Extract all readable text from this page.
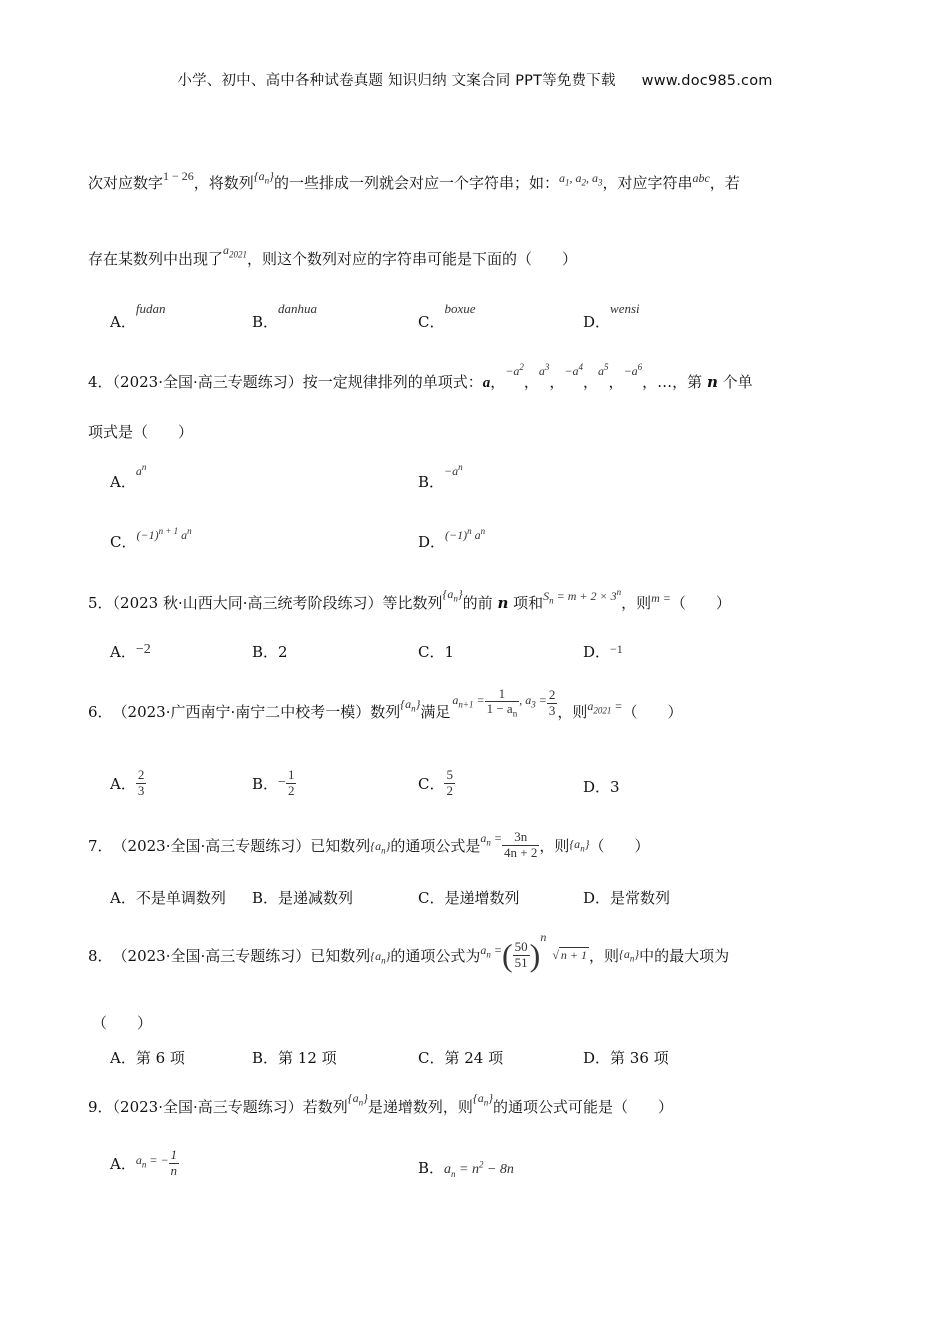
小学、初中、高中各种试卷真题 知识归纳 文案合同 PPT等免费下载 www.doc985.com
次对应数字$^{1 - 26}$，将数列$^{\{a_n\}}$的一些排成一列就会对应一个字符串；如：$^{a_1, a_2, a_3}$，对应字符串$^{abc}$，若
存在某数列中出现了$^{a_{2021}}$，则这个数列对应的字符串可能是下面的（　　）
A．fudan
B．danhua
C．boxue
D．wensi
4．（2023·全国·高三专题练习）按一定规律排列的单项式：a，$^{-a^2}$，$^{a^3}$，$^{-a^4}$，$^{a^5}$，$^{-a^6}$，…，第 n 个单
项式是（　　）
A．$^{a^n}$
B．$^{-a^n}$
C．$^{(-1)^{n + 1} a^n}$
D．$^{(-1)^n a^n}$
5．（2023 秋·山西大同·高三统考阶段练习）等比数列$^{\{a_n\}}$的前 n 项和$^{S_n = m + 2 \times 3^n}$，则$^{m =}$（　　）
A．−2	B．2	C．1	D．$^{-1}$
6． （2023·广西南宁·南宁二中校考一模）数列 $\{a_n\}$ 满足
$a_{n+1} = \frac{1}{1 - a_n}$ , $a_3 = \frac{2}{3}$ ，则 $a_{2021}$ = （　　）
A． $\frac{2}{3}$	B． − $\frac{1}{2}$	C． $\frac{5}{2}$	D．3
7． （2023·全国·高三专题练习）已知数列 $\{a_n\}$ 的通项公式是 $a_n = \frac{3n}{4n + 2}$ ，则 $\{a_n\}$ （　　）
A．不是单调数列 B．是递减数列	C．是递增数列	D．是常数列
8． （2023·全国·高三专题练习）已知数列 $\{a_n\}$ 的通项公式为 $a_n$ = ( $\frac{50}{51}$ )
n
√ n + 1 ，则 $\{a_n\}$ 中的最大项为
（　　）
A．第 6 项	B．第 12 项	C．第 24 项	D．第 36 项
9．（2023·全国·高三专题练习）若数列$^{\{a_n\}}$是递增数列，则$^{\{a_n\}}$的通项公式可能是（　　）
A． $a_n$ = − $\frac{1}{n}$	B．$a_n = n^2 - 8n$
